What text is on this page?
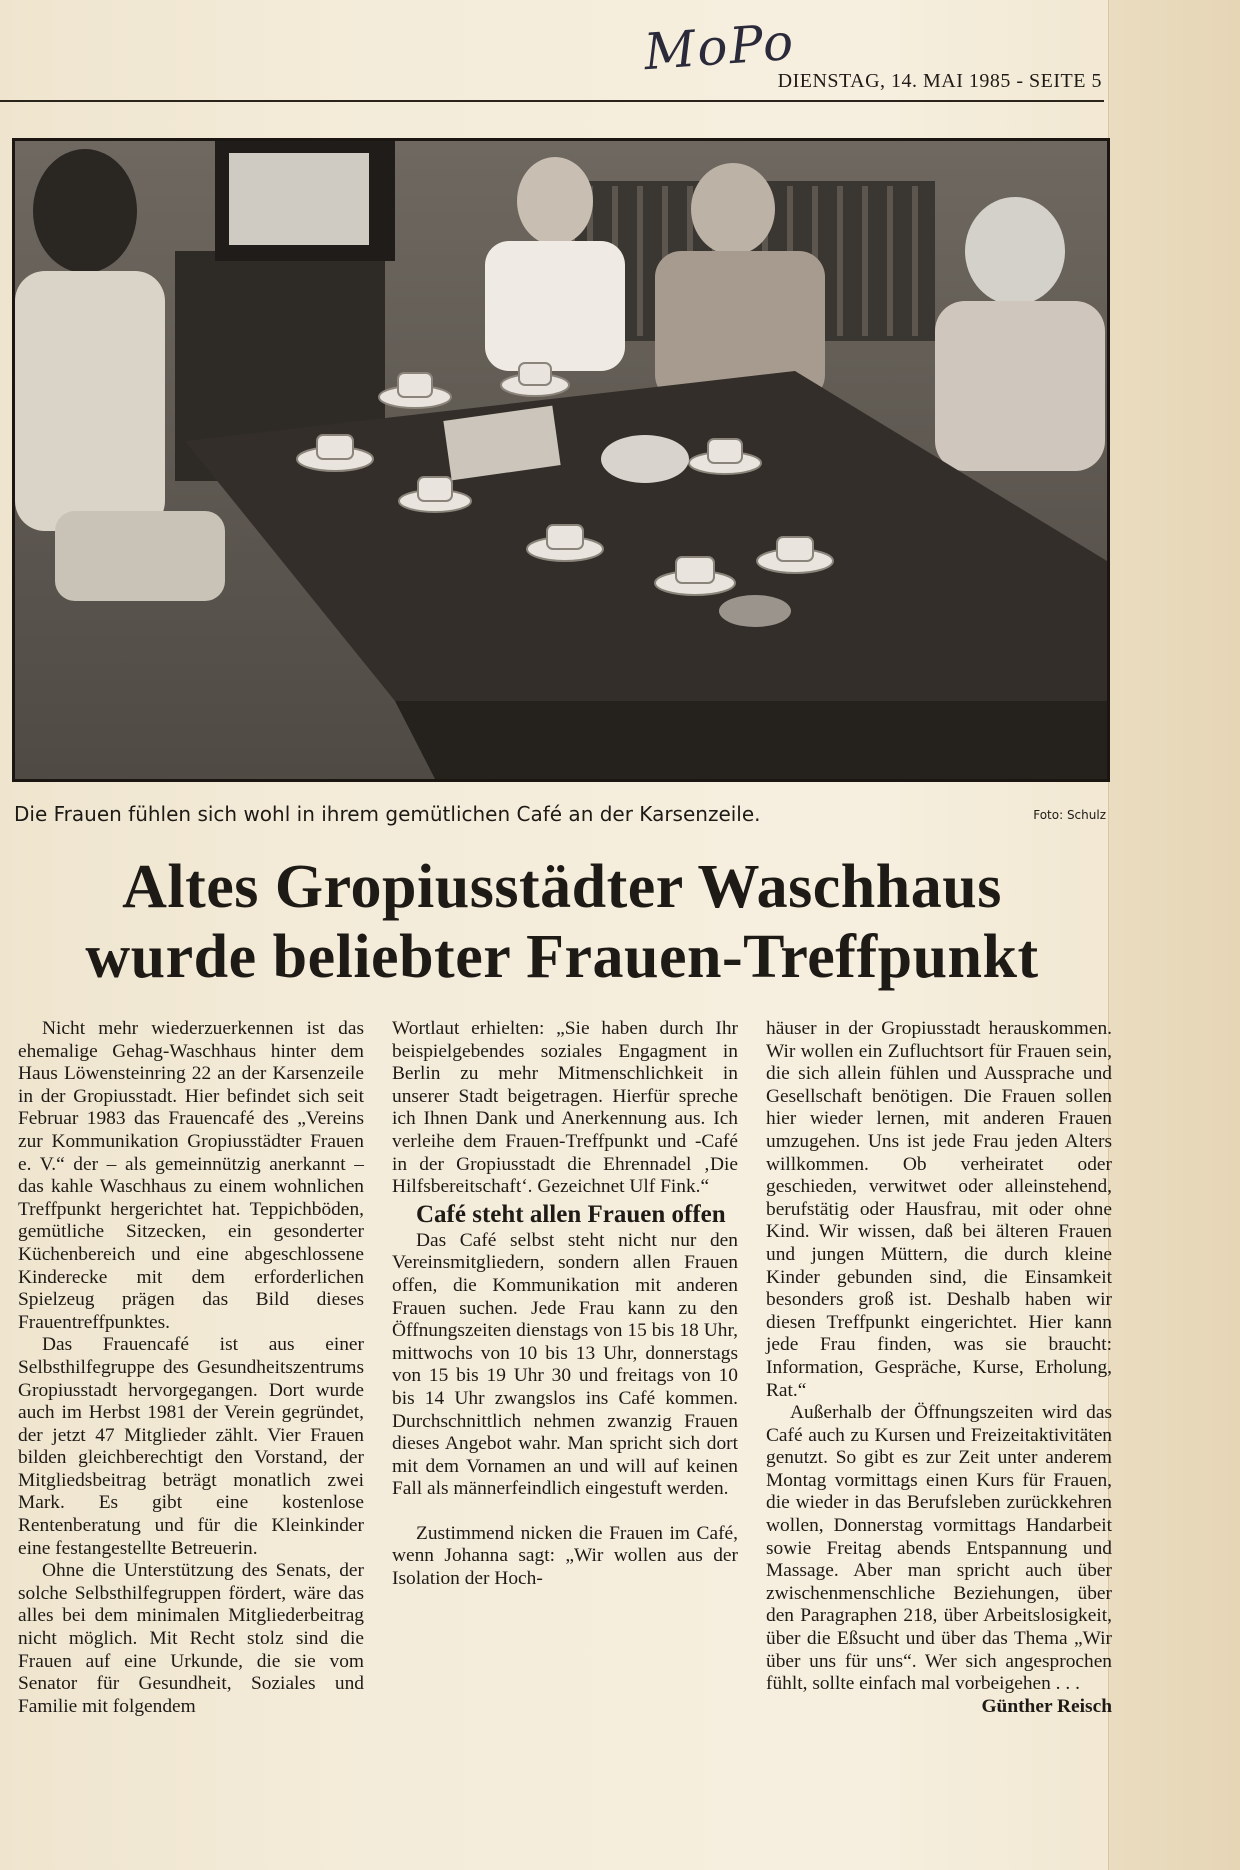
MoPo
DIENSTAG, 14. MAI 1985 - SEITE 5
Die Frauen fühlen sich wohl in ihrem gemütlichen Café an der Karsenzeile.	Foto: Schulz
Altes Gropiusstädter Waschhaus
wurde beliebter Frauen-Treffpunkt

Nicht mehr wiederzuerkennen ist das ehemalige Gehag-Waschhaus hinter dem Haus Löwensteinring 22 an der Karsenzeile in der Gropiusstadt. Hier befindet sich seit Februar 1983 das Frauencafé des „Vereins zur Kommunikation Gropiusstädter Frauen e. V.“ der – als gemeinnützig anerkannt – das kahle Waschhaus zu einem wohnlichen Treffpunkt hergerichtet hat. Teppichböden, gemütliche Sitzecken, ein gesonderter Küchenbereich und eine abgeschlossene Kinderecke mit dem erforderlichen Spielzeug prägen das Bild dieses Frauentreffpunktes.

Das Frauencafé ist aus einer Selbsthilfegruppe des Gesundheitszentrums Gropiusstadt hervorgegangen. Dort wurde auch im Herbst 1981 der Verein gegründet, der jetzt 47 Mitglieder zählt. Vier Frauen bilden gleichberechtigt den Vorstand, der Mitgliedsbeitrag beträgt monatlich zwei Mark. Es gibt eine kostenlose Rentenberatung und für die Kleinkinder eine festangestellte Betreuerin.

Ohne die Unterstützung des Senats, der solche Selbsthilfegruppen fördert, wäre das alles bei dem minimalen Mitgliederbeitrag nicht möglich. Mit Recht stolz sind die Frauen auf eine Urkunde, die sie vom Senator für Gesundheit, Soziales und Familie mit folgendem

Wortlaut erhielten: „Sie haben durch Ihr beispielgebendes soziales Engagment in Berlin zu mehr Mitmenschlichkeit in unserer Stadt beigetragen. Hierfür spreche ich Ihnen Dank und Anerkennung aus. Ich verleihe dem Frauen-Treffpunkt und -Café in der Gropiusstadt die Ehrennadel ‚Die Hilfsbereitschaft‘. Gezeichnet Ulf Fink.“

Café steht allen Frauen offen

Das Café selbst steht nicht nur den Vereinsmitgliedern, sondern allen Frauen offen, die Kommunikation mit anderen Frauen suchen. Jede Frau kann zu den Öffnungszeiten dienstags von 15 bis 18 Uhr, mittwochs von 10 bis 13 Uhr, donnerstags von 15 bis 19 Uhr 30 und freitags von 10 bis 14 Uhr zwangslos ins Café kommen. Durchschnittlich nehmen zwanzig Frauen dieses Angebot wahr. Man spricht sich dort mit dem Vornamen an und will auf keinen Fall als männerfeindlich eingestuft werden.

Zustimmend nicken die Frauen im Café, wenn Johanna sagt: „Wir wollen aus der Isolation der Hoch-

häuser in der Gropiusstadt herauskommen. Wir wollen ein Zufluchtsort für Frauen sein, die sich allein fühlen und Aussprache und Gesellschaft benötigen. Die Frauen sollen hier wieder lernen, mit anderen Frauen umzugehen. Uns ist jede Frau jeden Alters willkommen. Ob verheiratet oder geschieden, verwitwet oder alleinstehend, berufstätig oder Hausfrau, mit oder ohne Kind. Wir wissen, daß bei älteren Frauen und jungen Müttern, die durch kleine Kinder gebunden sind, die Einsamkeit besonders groß ist. Deshalb haben wir diesen Treffpunkt eingerichtet. Hier kann jede Frau finden, was sie braucht: Information, Gespräche, Kurse, Erholung, Rat.“

Außerhalb der Öffnungszeiten wird das Café auch zu Kursen und Freizeitaktivitäten genutzt. So gibt es zur Zeit unter anderem Montag vormittags einen Kurs für Frauen, die wieder in das Berufsleben zurückkehren wollen, Donnerstag vormittags Handarbeit sowie Freitag abends Entspannung und Massage. Aber man spricht auch über zwischenmenschliche Beziehungen, über den Paragraphen 218, über Arbeitslosigkeit, über die Eßsucht und über das Thema „Wir über uns für uns“. Wer sich angesprochen fühlt, sollte einfach mal vorbeigehen . . .
Günther Reisch
